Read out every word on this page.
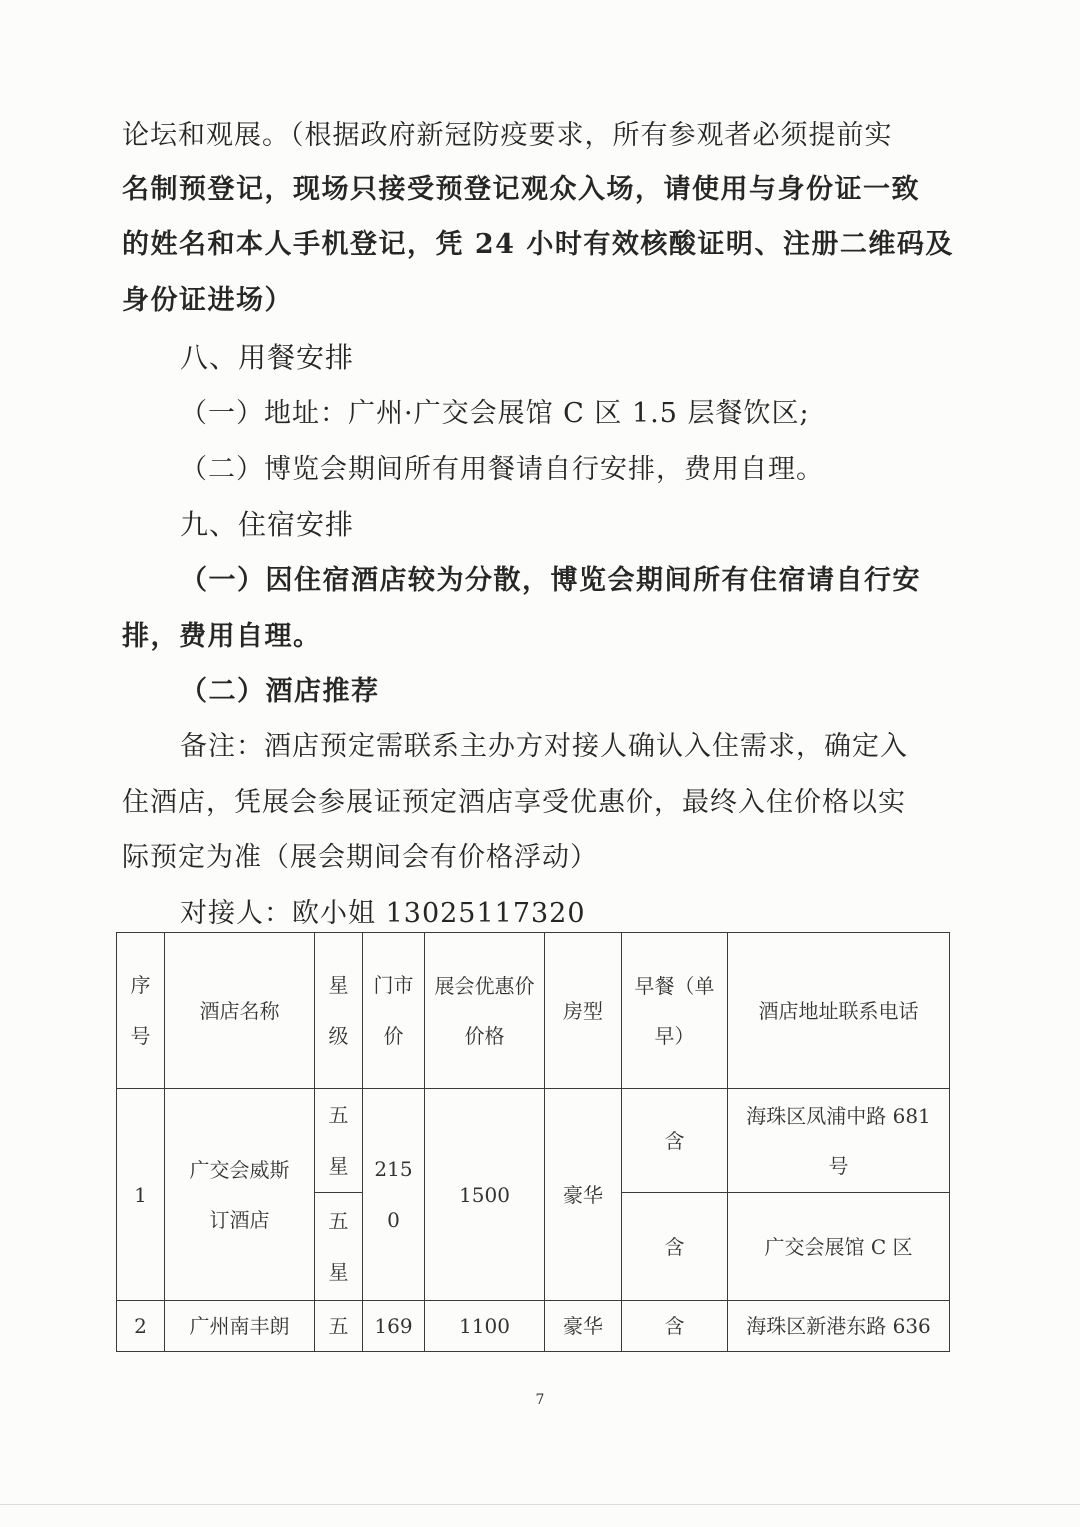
论坛和观展。（根据政府新冠防疫要求，所有参观者必须提前实
名制预登记，现场只接受预登记观众入场，请使用与身份证一致
的姓名和本人手机登记，凭 24 小时有效核酸证明、注册二维码及
身份证进场）
八、用餐安排
（一）地址：广州·广交会展馆 C 区 1.5 层餐饮区;
（二）博览会期间所有用餐请自行安排，费用自理。
九、住宿安排
（一）因住宿酒店较为分散，博览会期间所有住宿请自行安
排，费用自理。
（二）酒店推荐
备注：酒店预定需联系主办方对接人确认入住需求，确定入
住酒店，凭展会参展证预定酒店享受优惠价，最终入住价格以实
际预定为准（展会期间会有价格浮动）
对接人：欧小姐 13025117320
序号	酒店名称	星级	门市价	展会优惠价价格	房型	早餐（单早）	酒店地址联系电话
1	广交会威斯订酒店	五星	2150	1500	豪华	含	海珠区凤浦中路 681 号
		五星				含	广交会展馆 C 区
2	广州南丰朗	五	169	1100	豪华	含	海珠区新港东路 636
7
